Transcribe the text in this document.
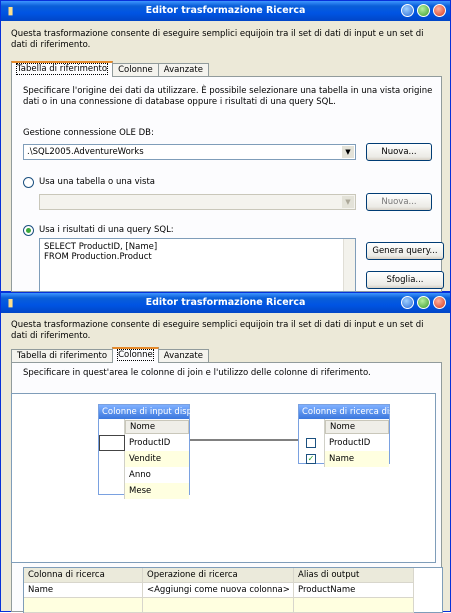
▮	Editor trasformazione Ricerca
Questa trasformazione consente di eseguire semplici equijoin tra il set di dati di input e un set di dati di riferimento.
Tabella di riferimento	Colonne	Avanzate
Specificare l'origine dei dati da utilizzare. È possibile selezionare una tabella in una vista origine dati o in una connessione di database oppure i risultati di una query SQL.
Gestione connessione OLE DB:
.\SQL2005.AdventureWorks	▼	Nuova...
Usa una tabella o una vista
▼	Nuova...
Usa i risultati di una query SQL:
SELECT ProductID, [Name]
FROM Production.Product
Genera query...
Sfoglia...
▮	Editor trasformazione Ricerca
Questa trasformazione consente di eseguire semplici equijoin tra il set di dati di input e un set di dati di riferimento.
Tabella di riferimento	Colonne	Avanzate
Specificare in quest'area le colonne di join e l'utilizzo delle colonne di riferimento.
Colonne di input disp...
Nome
ProductID
Vendite
Anno
Mese
Colonne di ricerca dis...
Nome
ProductID
✓	Name
Colonna di ricerca	Operazione di ricerca	Alias di output
Name	<Aggiungi come nuova colonna> ProductName
